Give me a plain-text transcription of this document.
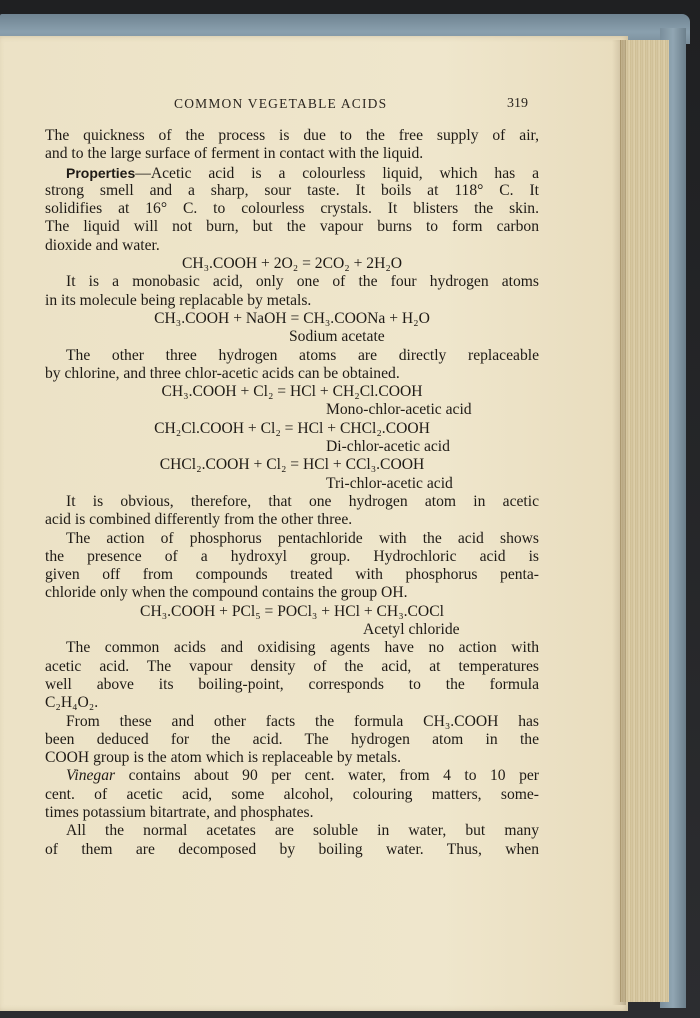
COMMON VEGETABLE ACIDS	319
The quickness of the process is due to the free supply of air,
and to the large surface of ferment in contact with the liquid.
Properties—Acetic acid is a colourless liquid, which has a
strong smell and a sharp, sour taste. It boils at 118° C. It
solidifies at 16° C. to colourless crystals. It blisters the skin.
The liquid will not burn, but the vapour burns to form carbon
dioxide and water.
CH₃.COOH + 2O₂ = 2CO₂ + 2H₂O
It is a monobasic acid, only one of the four hydrogen atoms
in its molecule being replacable by metals.
CH₃.COOH + NaOH = CH₃.COONa + H₂O
Sodium acetate
The other three hydrogen atoms are directly replaceable
by chlorine, and three chlor-acetic acids can be obtained.
CH₃.COOH + Cl₂ = HCl + CH₂Cl.COOH
Mono-chlor-acetic acid
CH₂Cl.COOH + Cl₂ = HCl + CHCl₂.COOH
Di-chlor-acetic acid
CHCl₂.COOH + Cl₂ = HCl + CCl₃.COOH
Tri-chlor-acetic acid
It is obvious, therefore, that one hydrogen atom in acetic
acid is combined differently from the other three.
The action of phosphorus pentachloride with the acid shows
the presence of a hydroxyl group. Hydrochloric acid is
given off from compounds treated with phosphorus penta-
chloride only when the compound contains the group OH.
CH₃.COOH + PCl₅ = POCl₃ + HCl + CH₃.COCl
Acetyl chloride
The common acids and oxidising agents have no action with
acetic acid. The vapour density of the acid, at temperatures
well above its boiling-point, corresponds to the formula
C₂H₄O₂.
From these and other facts the formula CH₃.COOH has
been deduced for the acid. The hydrogen atom in the
COOH group is the atom which is replaceable by metals.
Vinegar contains about 90 per cent. water, from 4 to 10 per
cent. of acetic acid, some alcohol, colouring matters, some-
times potassium bitartrate, and phosphates.
All the normal acetates are soluble in water, but many
of them are decomposed by boiling water. Thus, when
